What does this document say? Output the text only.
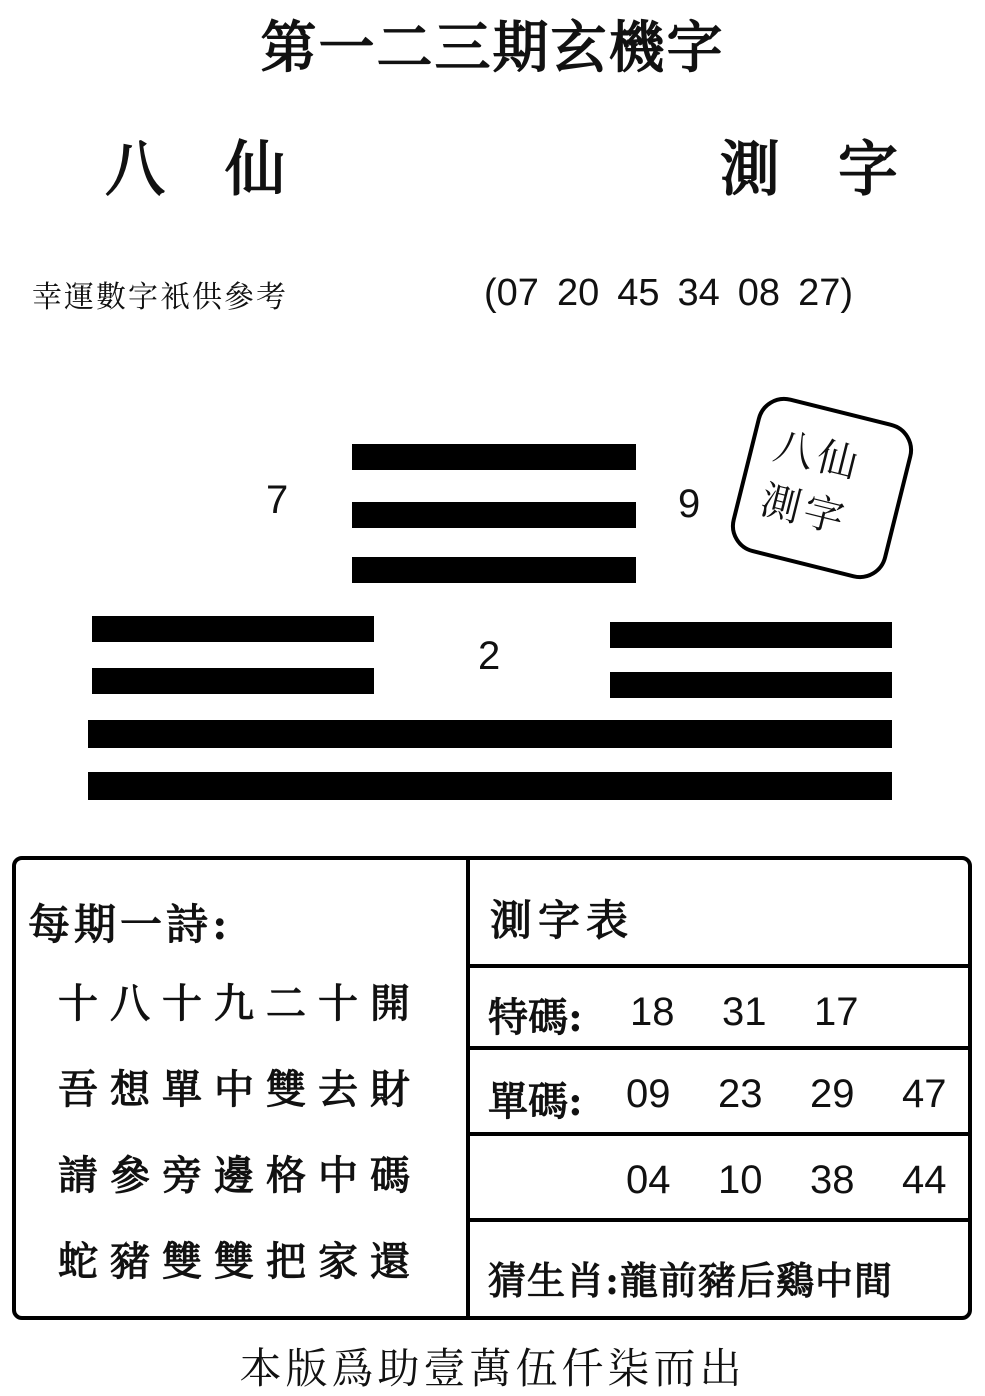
第一二三期玄機字
八仙	測字
幸運數字衹供參考	(07 20 45 34 08 27)
7	9
2
八仙
測字
每期一詩:
十八十九二十開
吾想單中雙去財
請參旁邊格中碼
蛇豬雙雙把家還
測字表
特碼: 18 31 17
單碼: 09 23 29 47
04 10 38 44
猜生肖:龍前豬后鷄中間
本版爲助壹萬伍仟柒而出
